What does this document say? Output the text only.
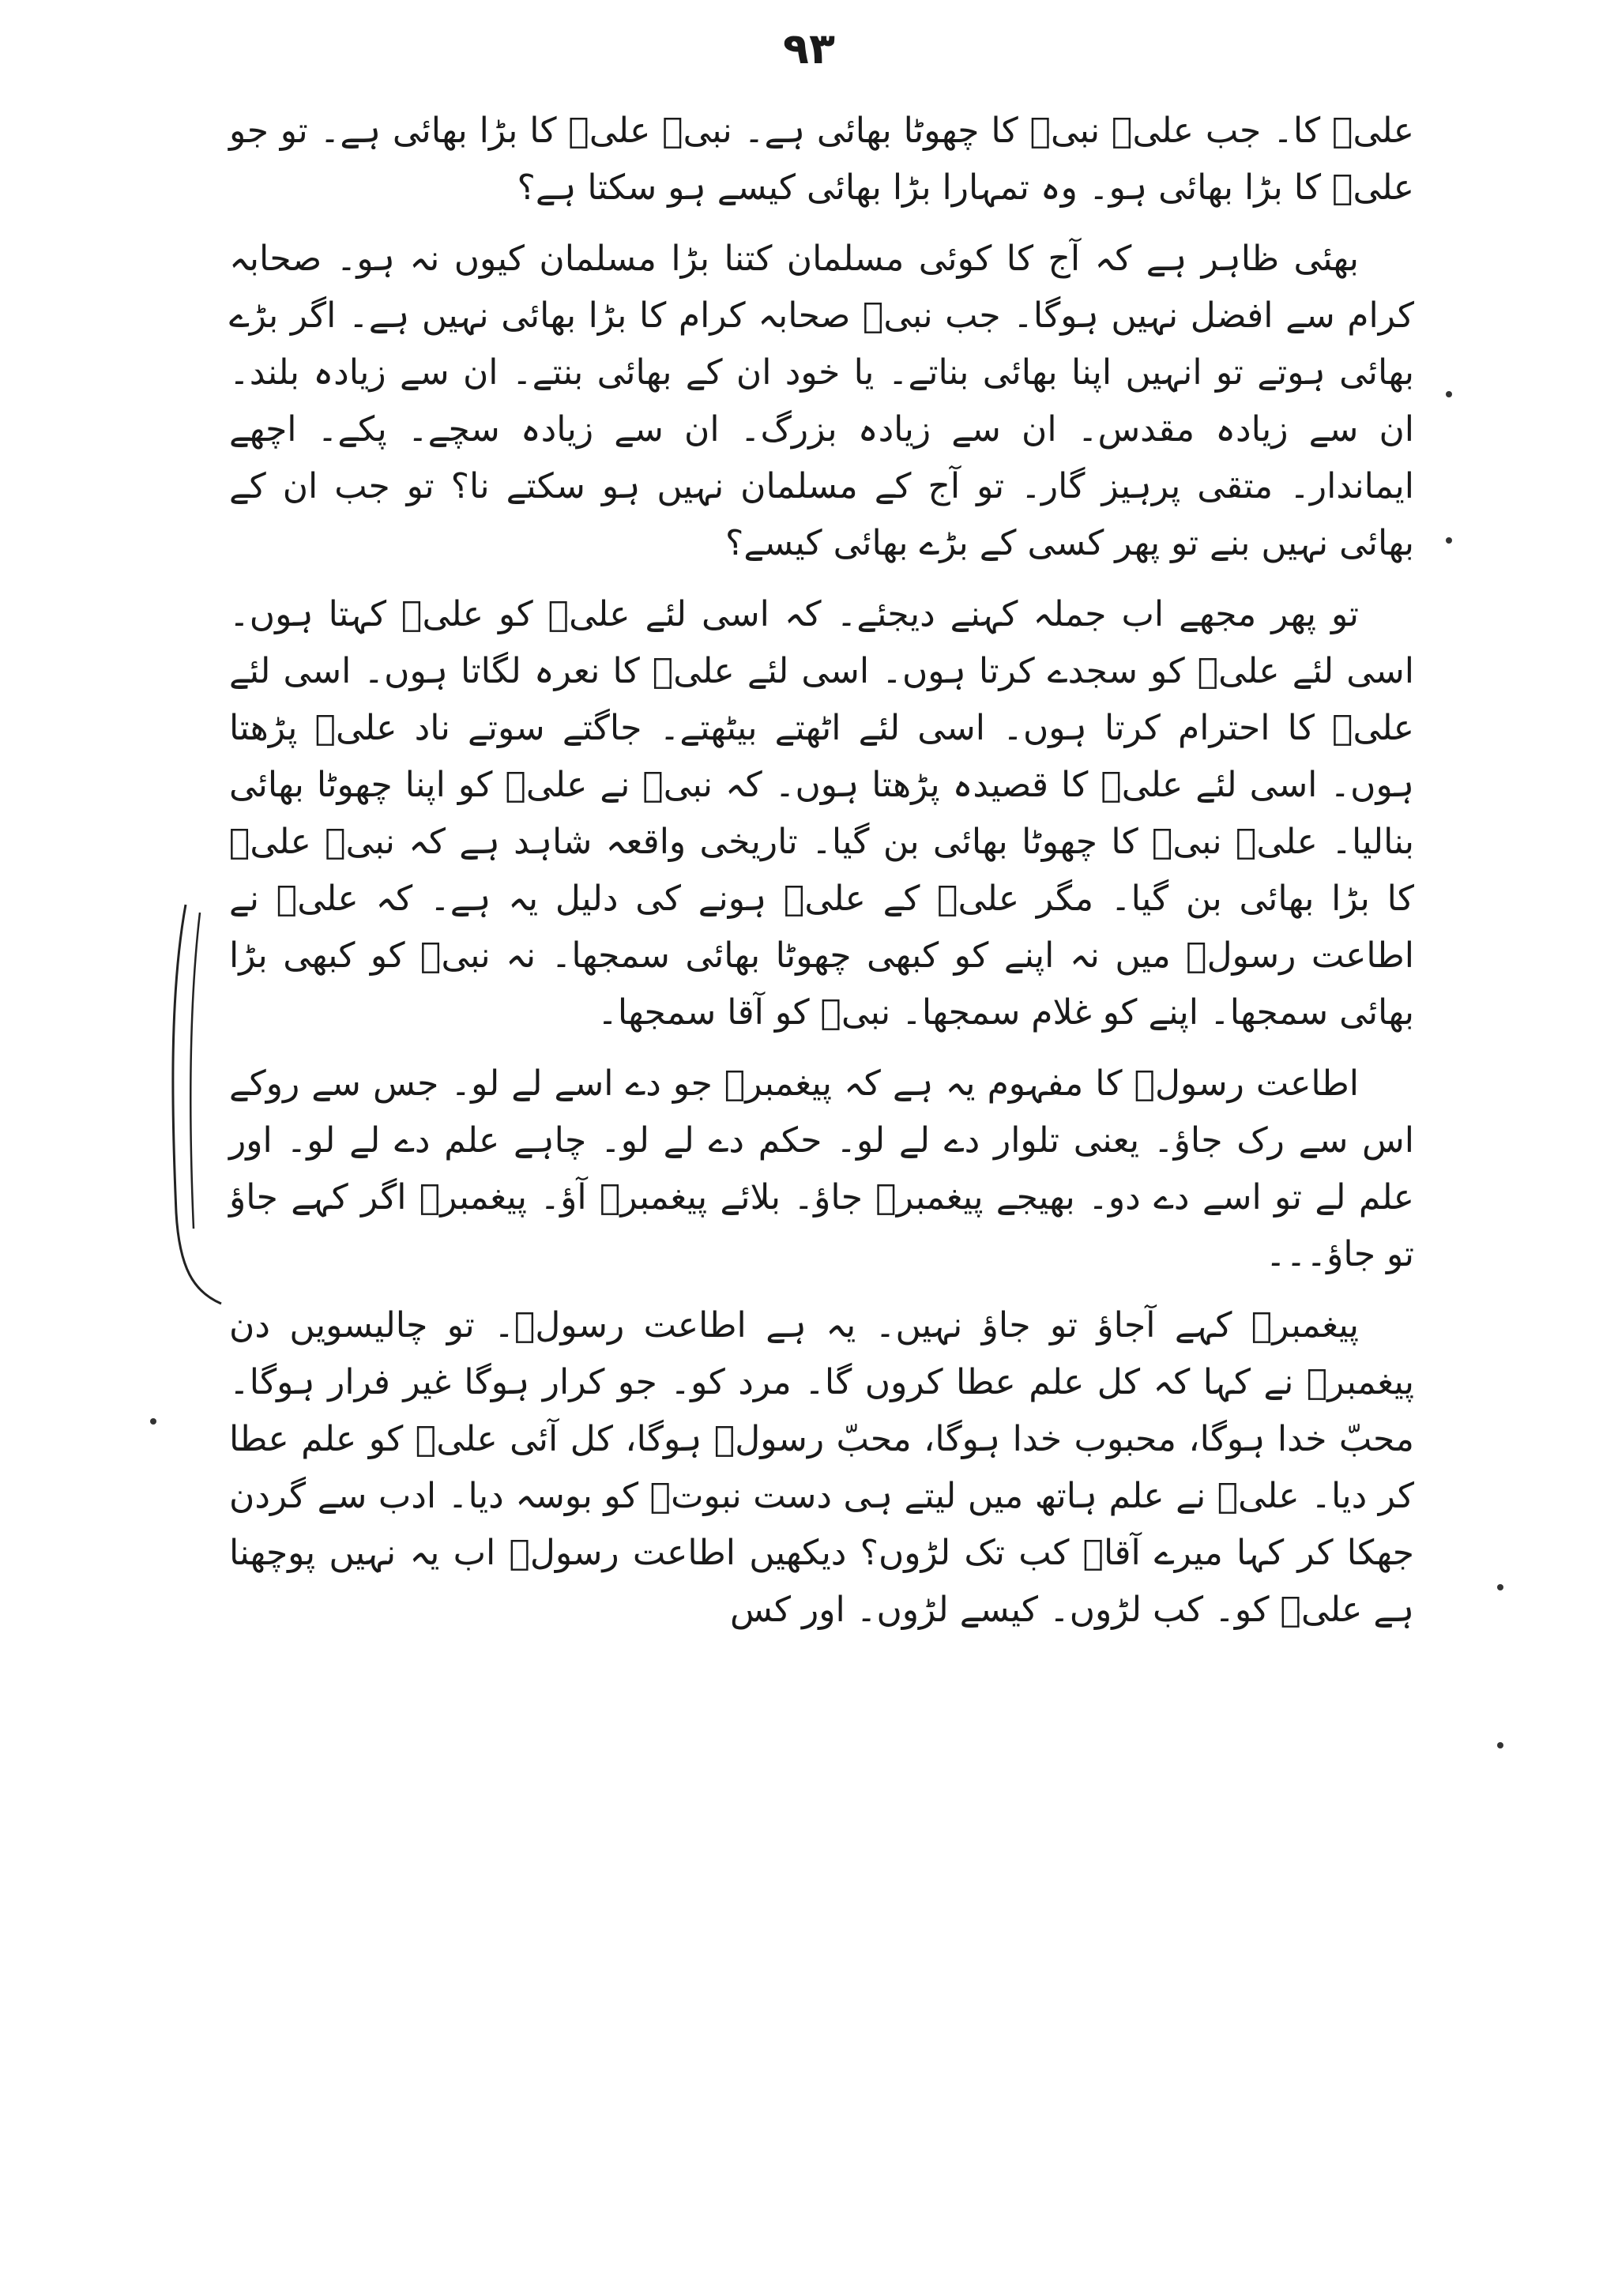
۹۳

علیؑ کا۔ جب علیؑ نبیؐ کا چھوٹا بھائی ہے۔ نبیؐ علیؑ کا بڑا بھائی ہے۔ تو جو علیؑ کا بڑا بھائی ہو۔ وہ تمہارا بڑا بھائی کیسے ہو سکتا ہے؟

بھئی ظاہر ہے کہ آج کا کوئی مسلمان کتنا بڑا مسلمان کیوں نہ ہو۔ صحابہ کرام سے افضل نہیں ہوگا۔ جب نبیؐ صحابہ کرام کا بڑا بھائی نہیں ہے۔ اگر بڑے بھائی ہوتے تو انہیں اپنا بھائی بناتے۔ یا خود ان کے بھائی بنتے۔ ان سے زیادہ بلند۔ ان سے زیادہ مقدس۔ ان سے زیادہ بزرگ۔ ان سے زیادہ سچے۔ پکے۔ اچھے ایماندار۔ متقی پرہیز گار۔ تو آج کے مسلمان نہیں ہو سکتے نا؟ تو جب ان کے بھائی نہیں بنے تو پھر کسی کے بڑے بھائی کیسے؟

تو پھر مجھے اب جملہ کہنے دیجئے۔ کہ اسی لئے علیؑ کو علیؑ کہتا ہوں۔ اسی لئے علیؑ کو سجدے کرتا ہوں۔ اسی لئے علیؑ کا نعرہ لگاتا ہوں۔ اسی لئے علیؑ کا احترام کرتا ہوں۔ اسی لئے اٹھتے بیٹھتے۔ جاگتے سوتے ناد علیؑ پڑھتا ہوں۔ اسی لئے علیؑ کا قصیدہ پڑھتا ہوں۔ کہ نبیؐ نے علیؑ کو اپنا چھوٹا بھائی بنالیا۔ علیؑ نبیؐ کا چھوٹا بھائی بن گیا۔ تاریخی واقعہ شاہد ہے کہ نبیؐ علیؑ کا بڑا بھائی بن گیا۔ مگر علیؑ کے علیؑ ہونے کی دلیل یہ ہے۔ کہ علیؑ نے اطاعت رسولؐ میں نہ اپنے کو کبھی چھوٹا بھائی سمجھا۔ نہ نبیؐ کو کبھی بڑا بھائی سمجھا۔ اپنے کو غلام سمجھا۔ نبیؐ کو آقا سمجھا۔

اطاعت رسولؐ کا مفہوم یہ ہے کہ پیغمبرؐ جو دے اسے لے لو۔ جس سے روکے اس سے رک جاؤ۔ یعنی تلوار دے لے لو۔ حکم دے لے لو۔ چاہے علم دے لے لو۔ اور علم لے تو اسے دے دو۔ بھیجے پیغمبرؐ جاؤ۔ بلائے پیغمبرؐ آؤ۔ پیغمبرؐ اگر کہے جاؤ تو جاؤ۔۔۔

پیغمبرؐ کہے آجاؤ تو جاؤ نہیں۔ یہ ہے اطاعت رسولؐ۔ تو چالیسویں دن پیغمبرؐ نے کہا کہ کل علم عطا کروں گا۔ مرد کو۔ جو کرار ہوگا غیر فرار ہوگا۔ محبّ خدا ہوگا، محبوب خدا ہوگا، محبّ رسولؐ ہوگا، کل آئی علیؑ کو علم عطا کر دیا۔ علیؑ نے علم ہاتھ میں لیتے ہی دست نبوتؐ کو بوسہ دیا۔ ادب سے گردن جھکا کر کہا میرے آقاؐ کب تک لڑوں؟ دیکھیں اطاعت رسولؐ اب یہ نہیں پوچھنا ہے علیؑ کو۔ کب لڑوں۔ کیسے لڑوں۔ اور کس
